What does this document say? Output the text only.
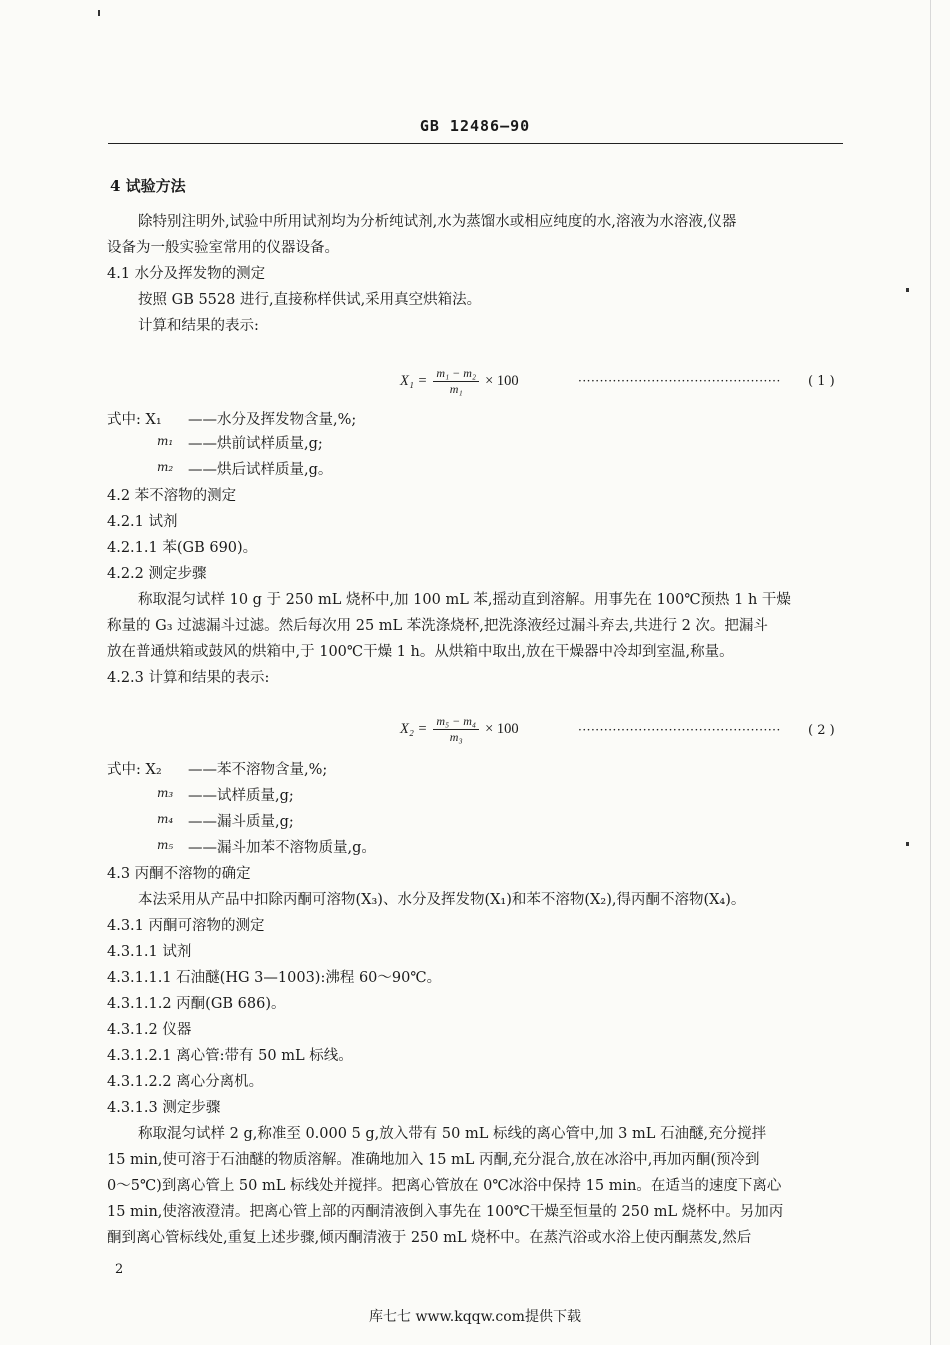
GB 12486—90
4 试验方法
除特别注明外,试验中所用试剂均为分析纯试剂,水为蒸馏水或相应纯度的水,溶液为水溶液,仪器
设备为一般实验室常用的仪器设备。
4.1 水分及挥发物的测定
按照 GB 5528 进行,直接称样供试,采用真空烘箱法。
计算和结果的表示:
$X_1 = \frac{\text{m₁ − m₂}}{\text{m₁}} \times 100$	··············································· ( 1 )
式中: X₁ ——水分及挥发物含量,%;
m₁ ——烘前试样质量,g;
m₂ ——烘后试样质量,g。
4.2 苯不溶物的测定
4.2.1 试剂
4.2.1.1 苯(GB 690)。
4.2.2 测定步骤
称取混匀试样 10 g 于 250 mL 烧杯中,加 100 mL 苯,摇动直到溶解。用事先在 100℃预热 1 h 干燥
称量的 G₃ 过滤漏斗过滤。然后每次用 25 mL 苯洗涤烧杯,把洗涤液经过漏斗弃去,共进行 2 次。把漏斗
放在普通烘箱或鼓风的烘箱中,于 100℃干燥 1 h。从烘箱中取出,放在干燥器中冷却到室温,称量。
4.2.3 计算和结果的表示:
$X_2 = \frac{\text{m₅ − m₄}}{\text{m₃}} \times 100$	··············································· ( 2 )
式中: X₂ ——苯不溶物含量,%;
m₃ ——试样质量,g;
m₄ ——漏斗质量,g;
m₅ ——漏斗加苯不溶物质量,g。
4.3 丙酮不溶物的确定
本法采用从产品中扣除丙酮可溶物(X₃)、水分及挥发物(X₁)和苯不溶物(X₂),得丙酮不溶物(X₄)。
4.3.1 丙酮可溶物的测定
4.3.1.1 试剂
4.3.1.1.1 石油醚(HG 3—1003):沸程 60～90℃。
4.3.1.1.2 丙酮(GB 686)。
4.3.1.2 仪器
4.3.1.2.1 离心管:带有 50 mL 标线。
4.3.1.2.2 离心分离机。
4.3.1.3 测定步骤
称取混匀试样 2 g,称准至 0.000 5 g,放入带有 50 mL 标线的离心管中,加 3 mL 石油醚,充分搅拌
15 min,使可溶于石油醚的物质溶解。准确地加入 15 mL 丙酮,充分混合,放在冰浴中,再加丙酮(预冷到
0～5℃)到离心管上 50 mL 标线处并搅拌。把离心管放在 0℃冰浴中保持 15 min。在适当的速度下离心
15 min,使溶液澄清。把离心管上部的丙酮清液倒入事先在 100℃干燥至恒量的 250 mL 烧杯中。另加丙
酮到离心管标线处,重复上述步骤,倾丙酮清液于 250 mL 烧杯中。在蒸汽浴或水浴上使丙酮蒸发,然后
2
库七七 www.kqqw.com提供下载
